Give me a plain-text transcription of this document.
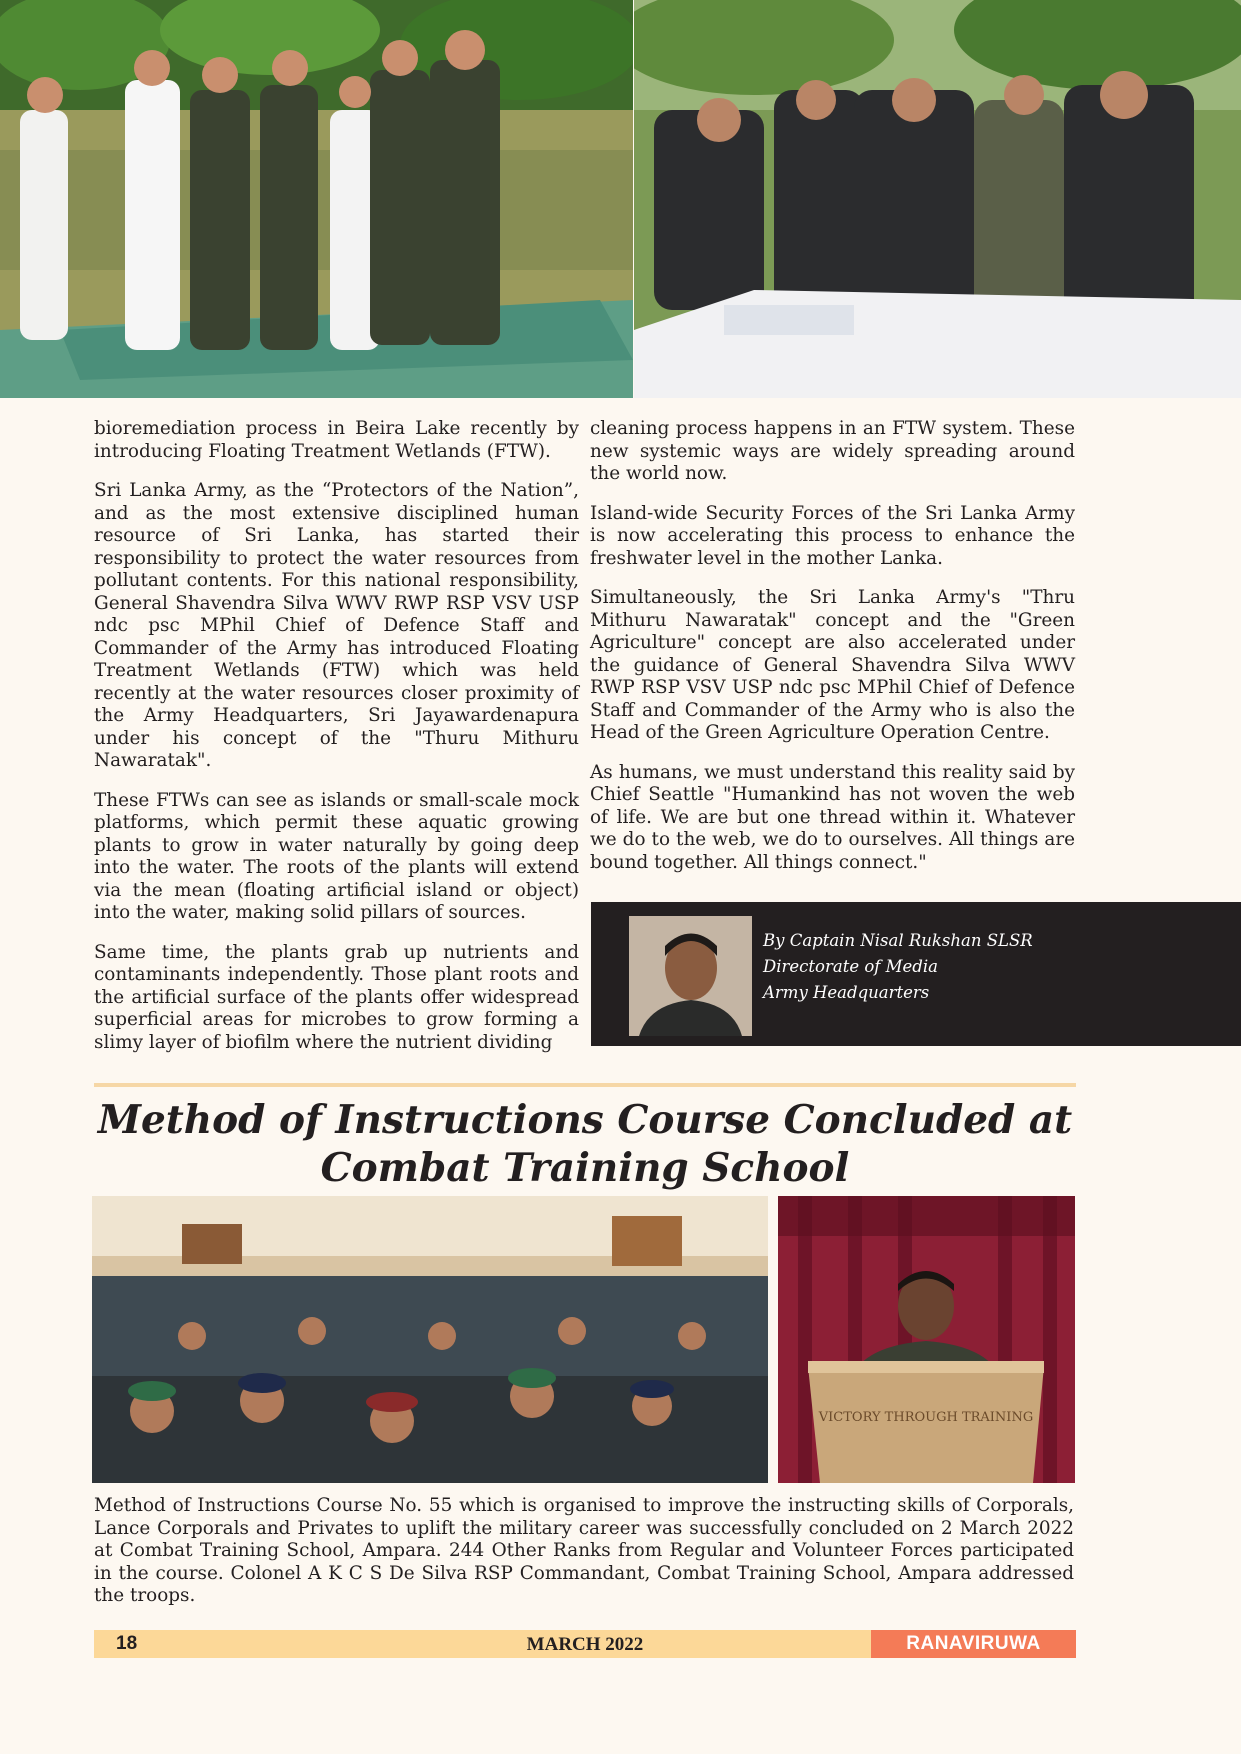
bioremediation process in Beira Lake recently by introducing Floating Treatment Wetlands (FTW).

Sri Lanka Army, as the “Protectors of the Nation”, and as the most extensive disciplined human resource of Sri Lanka, has started their responsibility to protect the water resources from pollutant contents. For this national responsibility, General Shavendra Silva WWV RWP RSP VSV USP ndc psc MPhil Chief of Defence Staff and Commander of the Army has introduced Floating Treatment Wetlands (FTW) which was held recently at the water resources closer proximity of the Army Headquarters, Sri Jayawardenapura under his concept of the "Thuru Mithuru Nawaratak".

These FTWs can see as islands or small-scale mock platforms, which permit these aquatic growing plants to grow in water naturally by going deep into the water. The roots of the plants will extend via the mean (floating artificial island or object) into the water, making solid pillars of sources.

Same time, the plants grab up nutrients and contaminants independently. Those plant roots and the artificial surface of the plants offer widespread superficial areas for microbes to grow forming a slimy layer of biofilm where the nutrient dividing

cleaning process happens in an FTW system. These new systemic ways are widely spreading around the world now.

Island-wide Security Forces of the Sri Lanka Army is now accelerating this process to enhance the freshwater level in the mother Lanka.

Simultaneously, the Sri Lanka Army's "Thru Mithuru Nawaratak" concept and the "Green Agriculture" concept are also accelerated under the guidance of General Shavendra Silva WWV RWP RSP VSV USP ndc psc MPhil Chief of Defence Staff and Commander of the Army who is also the Head of the Green Agriculture Operation Centre.

As humans, we must understand this reality said by Chief Seattle "Humankind has not woven the web of life. We are but one thread within it. Whatever we do to the web, we do to ourselves. All things are bound together. All things connect."

By Captain Nisal Rukshan SLSR
Directorate of Media
Army Headquarters
Method of Instructions Course Concluded at
Combat Training School
VICTORY THROUGH TRAINING
Method of Instructions Course No. 55 which is organised to improve the instructing skills of Corporals, Lance Corporals and Privates to uplift the military career was successfully concluded on 2 March 2022 at Combat Training School, Ampara. 244 Other Ranks from Regular and Volunteer Forces participated in the course. Colonel A K C S De Silva RSP Commandant, Combat Training School, Ampara addressed the troops.
18	MARCH 2022	RANAVIRUWA
